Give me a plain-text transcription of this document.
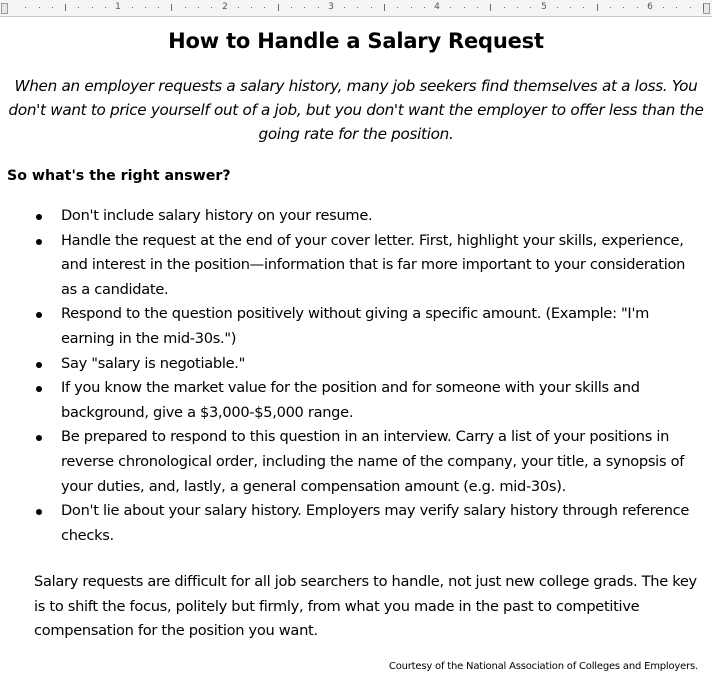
1	2	3	4	5	6
How to Handle a Salary Request
When an employer requests a salary history, many job seekers find themselves at a loss. You don't want to price yourself out of a job, but you don't want the employer to offer less than the going rate for the position.
So what's the right answer?
Don't include salary history on your resume.
Handle the request at the end of your cover letter. First, highlight your skills, experience, and interest in the position—information that is far more important to your consideration as a candidate.
Respond to the question positively without giving a specific amount. (Example: "I'm earning in the mid-30s.")
Say "salary is negotiable."
If you know the market value for the position and for someone with your skills and background, give a $3,000-$5,000 range.
Be prepared to respond to this question in an interview. Carry a list of your positions in reverse chronological order, including the name of the company, your title, a synopsis of your duties, and, lastly, a general compensation amount (e.g. mid-30s).
Don't lie about your salary history. Employers may verify salary history through reference checks.
Salary requests are difficult for all job searchers to handle, not just new college grads. The key is to shift the focus, politely but firmly, from what you made in the past to competitive compensation for the position you want.
Courtesy of the National Association of Colleges and Employers.
